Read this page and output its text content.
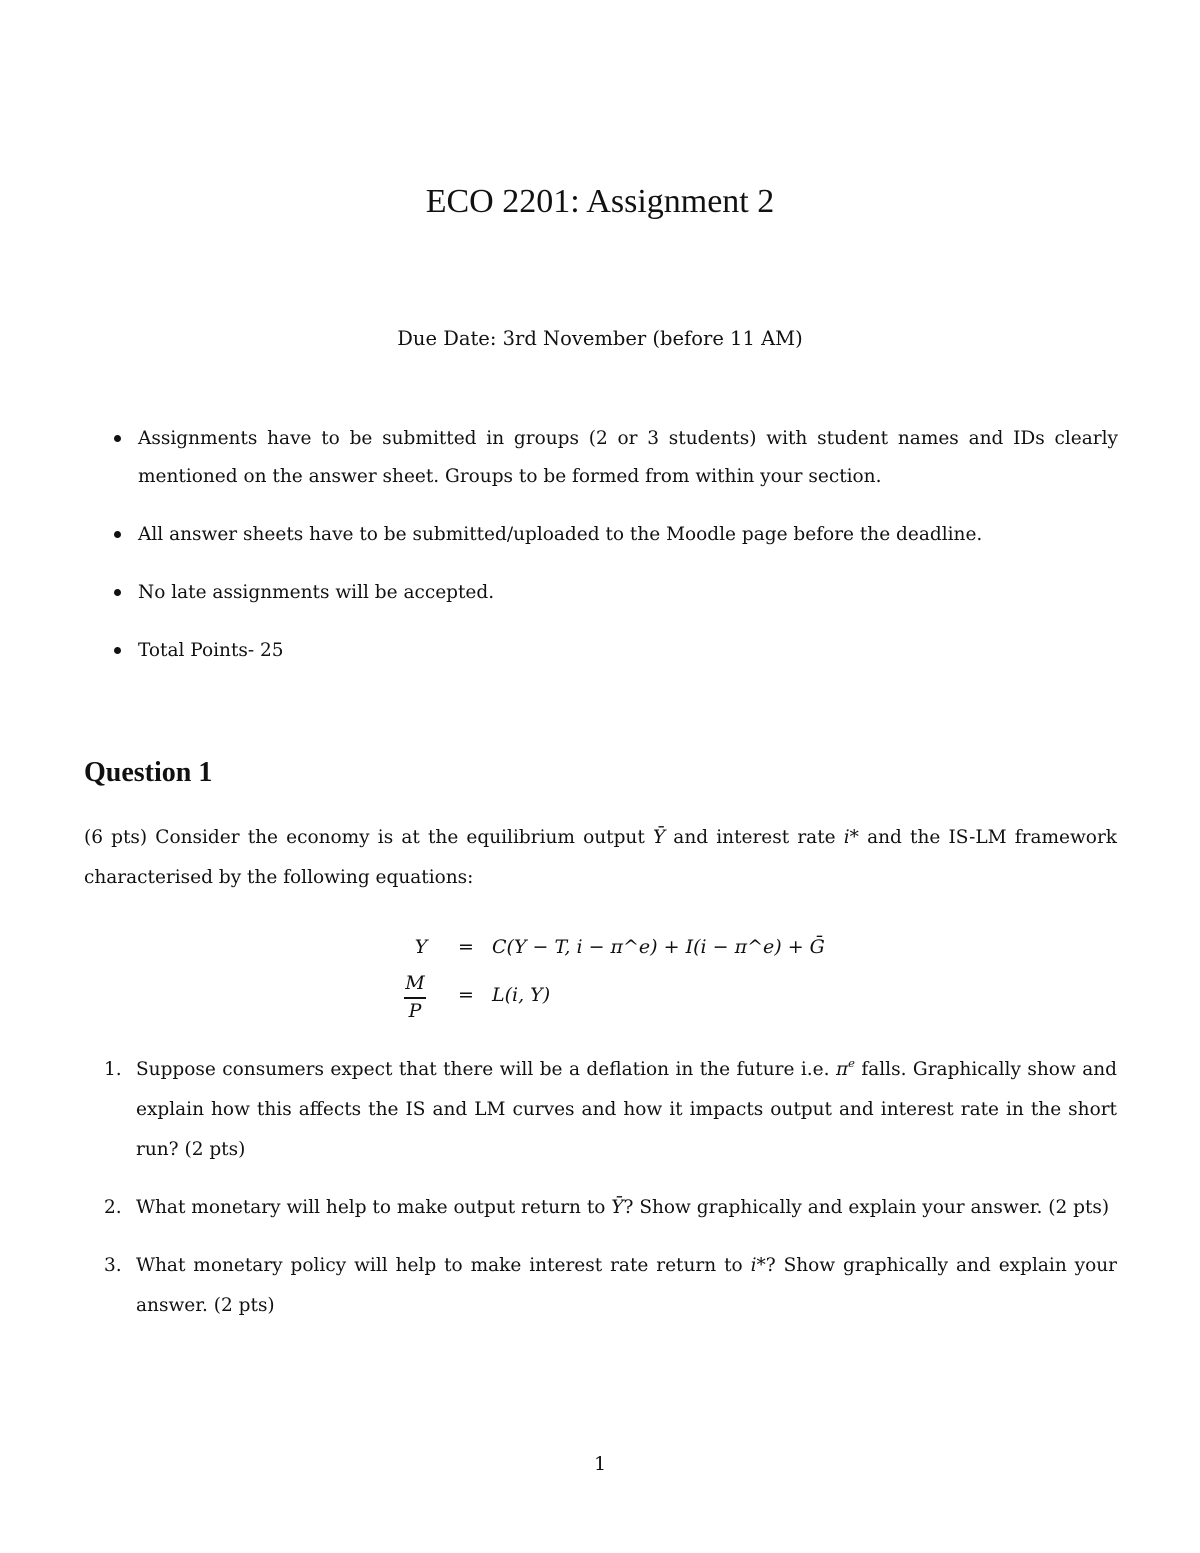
ECO 2201: Assignment 2
Due Date: 3rd November (before 11 AM)
Assignments have to be submitted in groups (2 or 3 students) with student names and IDs clearly mentioned on the answer sheet. Groups to be formed from within your section.
All answer sheets have to be submitted/uploaded to the Moodle page before the deadline.
No late assignments will be accepted.
Total Points- 25
Question 1
(6 pts) Consider the economy is at the equilibrium output Ȳ and interest rate i* and the IS-LM framework characterised by the following equations:
Y = C(Y − T, i − π^e) + I(i − π^e) + Ḡ
M
P
= L(i, Y)
1. Suppose consumers expect that there will be a deflation in the future i.e. $\pi^e$ falls. Graphically show and explain how this affects the IS and LM curves and how it impacts output and interest rate in the short run? (2 pts)
2. What monetary will help to make output return to Ȳ? Show graphically and explain your answer. (2 pts)
3. What monetary policy will help to make interest rate return to i*? Show graphically and explain your answer. (2 pts)
1
